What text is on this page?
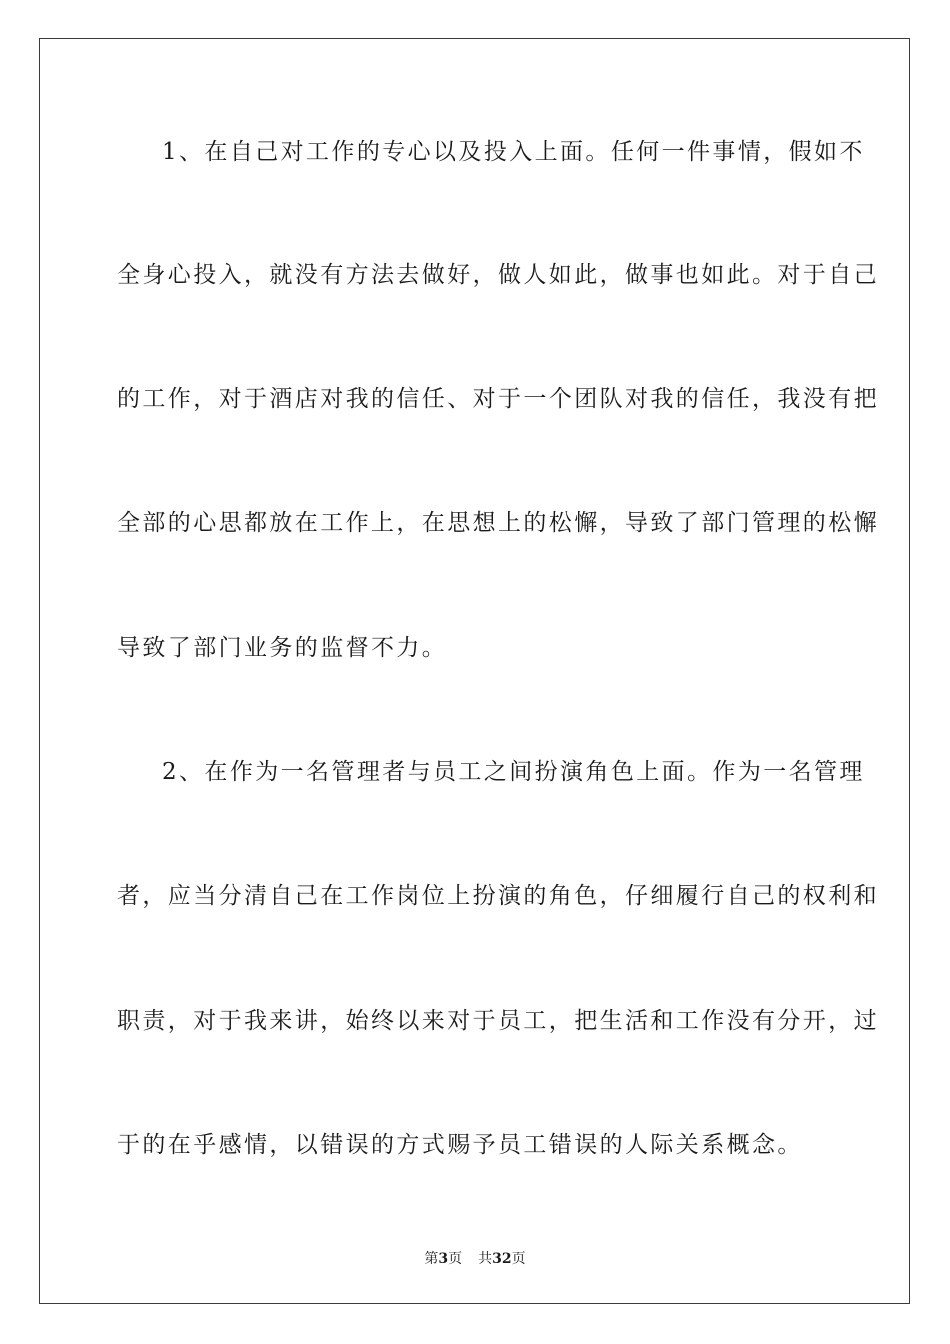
1、在自己对工作的专心以及投入上面。任何一件事情，假如不
全身心投入，就没有方法去做好，做人如此，做事也如此。对于自己
的工作，对于酒店对我的信任、对于一个团队对我的信任，我没有把
全部的心思都放在工作上，在思想上的松懈，导致了部门管理的松懈
导致了部门业务的监督不力。
2、在作为一名管理者与员工之间扮演角色上面。作为一名管理
者，应当分清自己在工作岗位上扮演的角色，仔细履行自己的权利和
职责，对于我来讲，始终以来对于员工，把生活和工作没有分开，过
于的在乎感情，以错误的方式赐予员工错误的人际关系概念。
第3页 共32页
